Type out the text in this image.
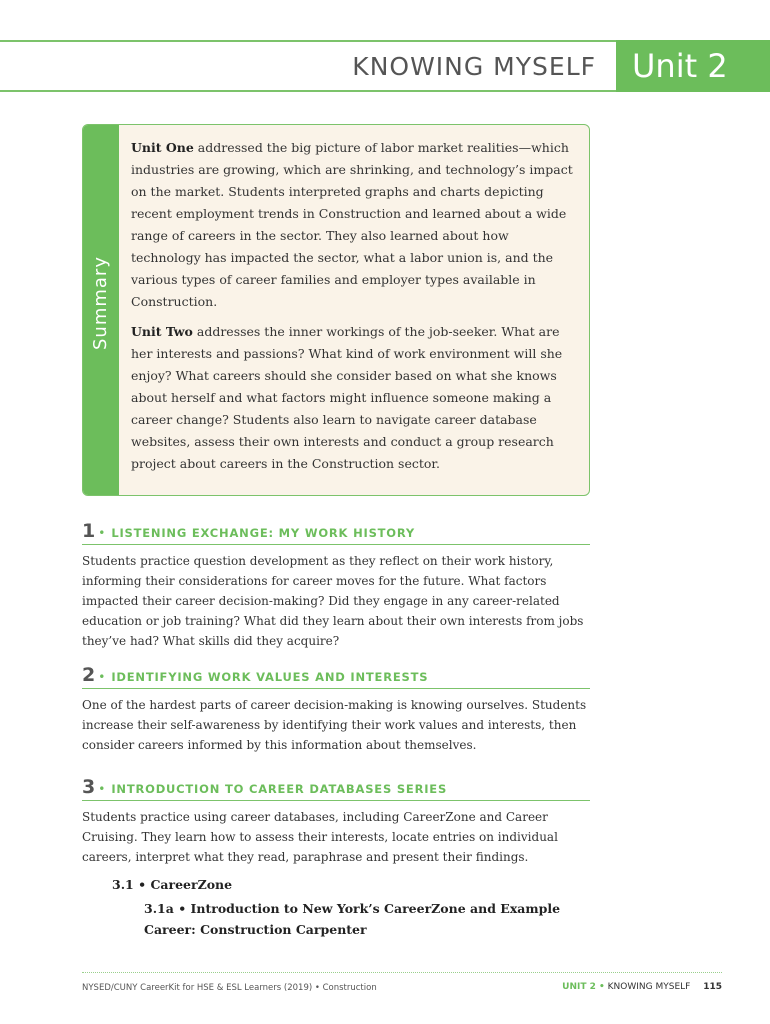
KNOWING MYSELF Unit 2
Summary

Unit One addressed the big picture of labor market realities—which industries are growing, which are shrinking, and technology’s impact on the market. Students interpreted graphs and charts depicting recent employment trends in Construction and learned about a wide range of careers in the sector. They also learned about how technology has impacted the sector, what a labor union is, and the various types of career families and employer types available in Construction.

Unit Two addresses the inner workings of the job-seeker. What are her interests and passions? What kind of work environment will she enjoy? What careers should she consider based on what she knows about herself and what factors might influence someone making a career change? Students also learn to navigate career database websites, assess their own interests and conduct a group research project about careers in the Construction sector.

1 • LISTENING EXCHANGE: MY WORK HISTORY
Students practice question development as they reflect on their work history, informing their considerations for career moves for the future. What factors impacted their career decision-making? Did they engage in any career-related education or job training? What did they learn about their own interests from jobs they’ve had? What skills did they acquire?
2 • IDENTIFYING WORK VALUES AND INTERESTS
One of the hardest parts of career decision-making is knowing ourselves. Students increase their self-awareness by identifying their work values and interests, then consider careers informed by this information about themselves.
3 • INTRODUCTION TO CAREER DATABASES SERIES
Students practice using career databases, including CareerZone and Career Cruising. They learn how to assess their interests, locate entries on individual careers, interpret what they read, paraphrase and present their findings.
3.1 • CareerZone
3.1a • Introduction to New York’s CareerZone and Example Career: Construction Carpenter
NYSED/CUNY CareerKit for HSE & ESL Learners (2019) • Construction	UNIT 2 • KNOWING MYSELF 115
